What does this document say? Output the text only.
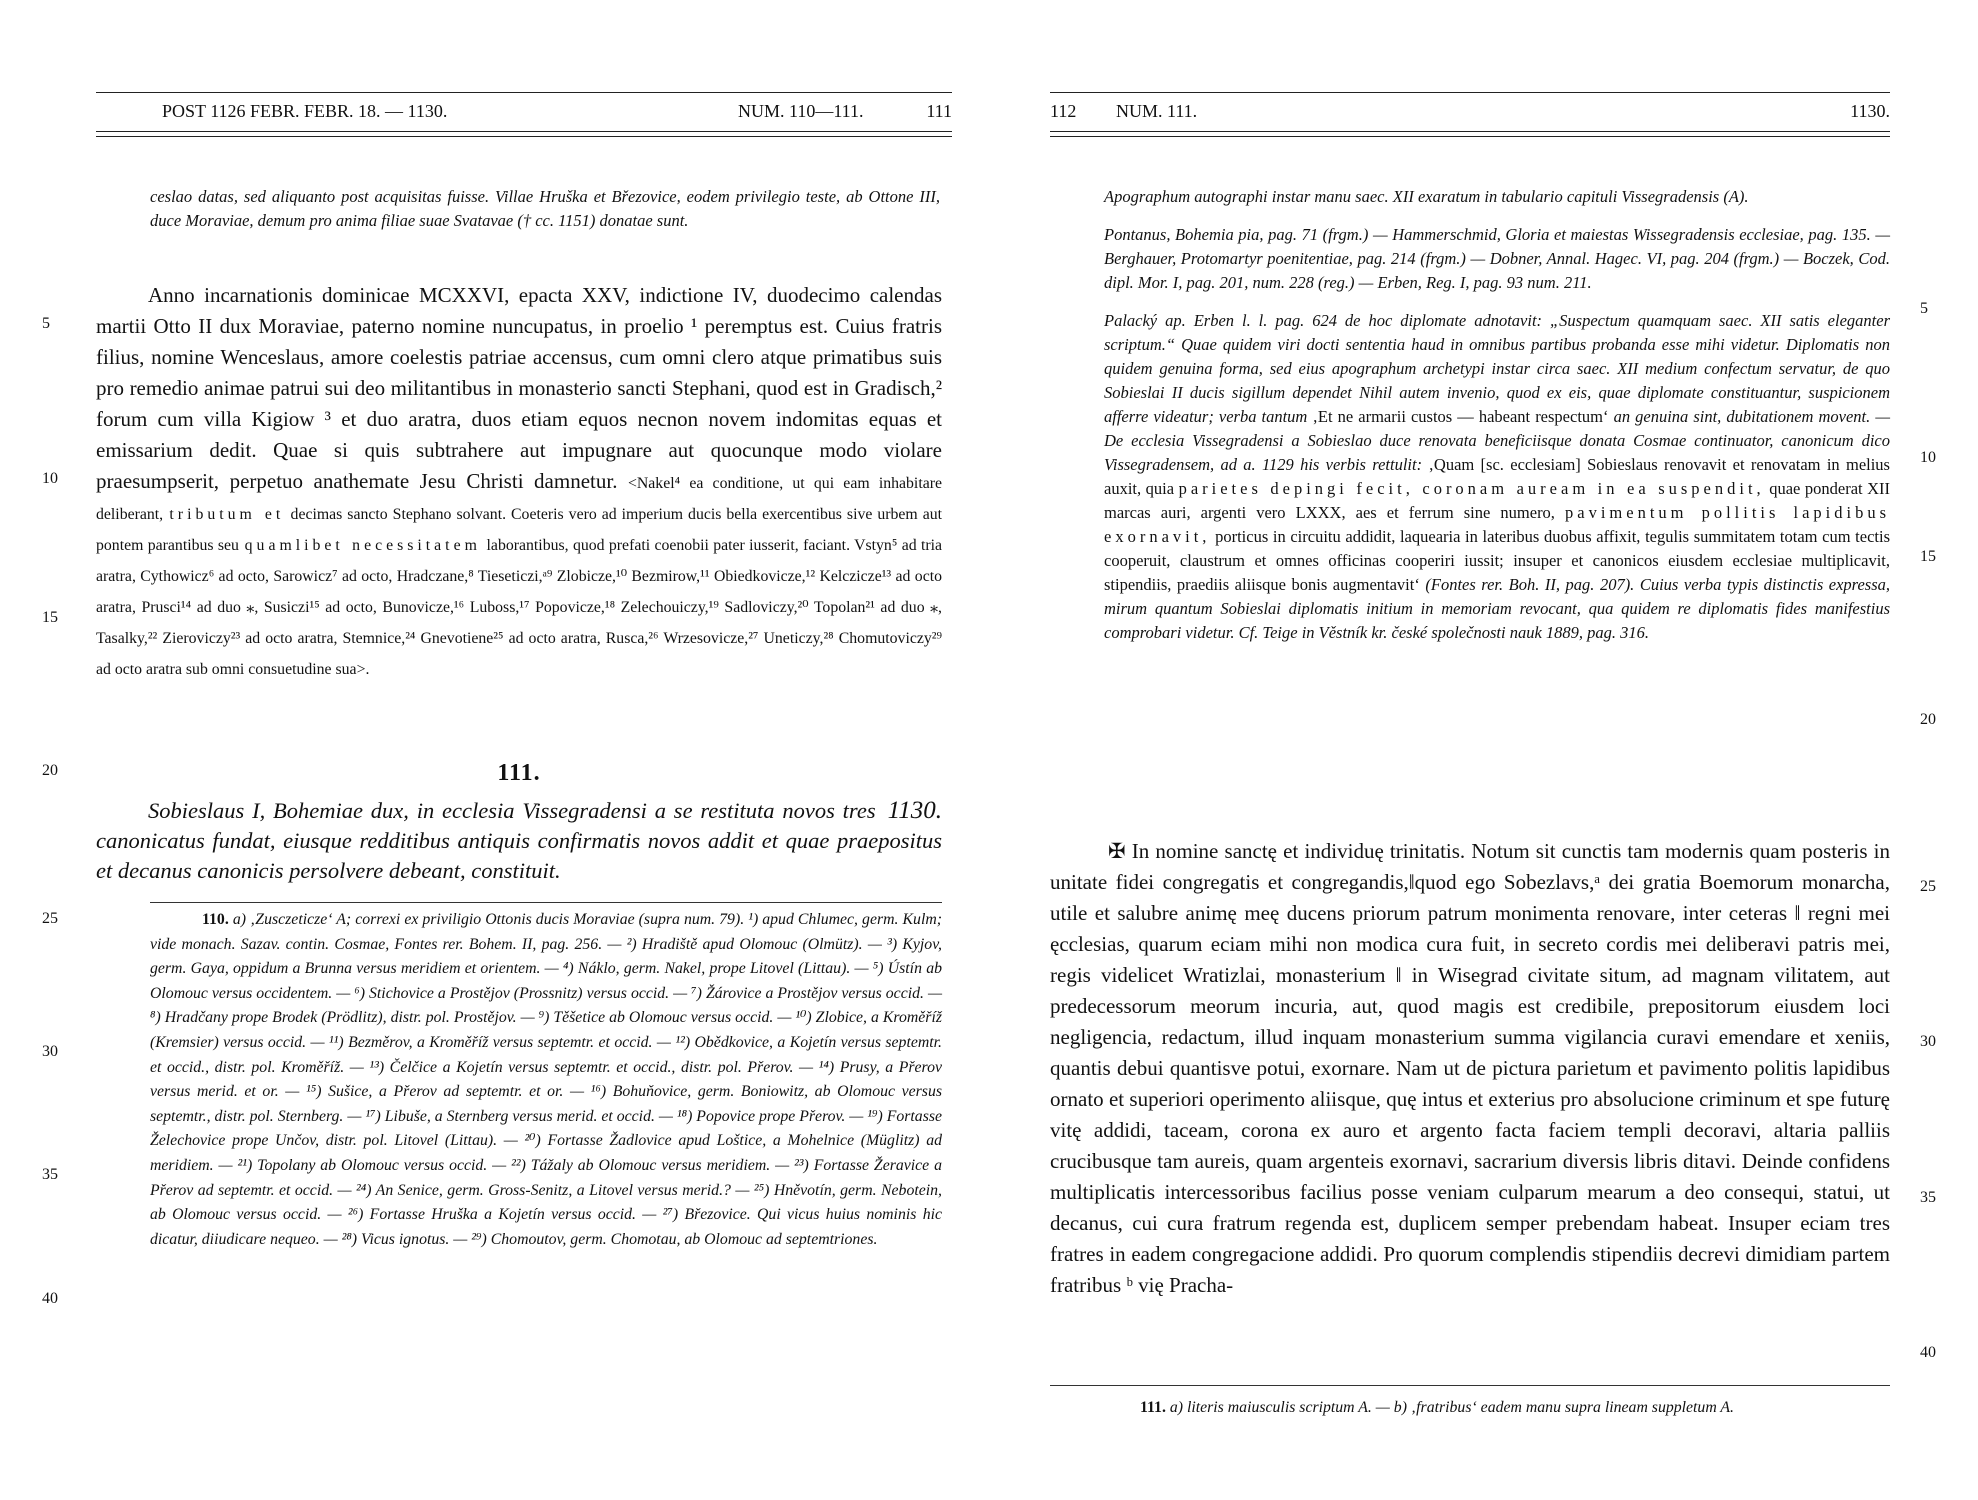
POST 1126 FEBR. FEBR. 18. — 1130.	NUM. 110—111.	111

ceslao datas, sed aliquanto post acquisitas fuisse. Villae Hruška et Březovice, eodem privilegio teste, ab Ottone III, duce Moraviae, demum pro anima filiae suae Svatavae († cc. 1151) donatae sunt.

Anno incarnationis dominicae MCXXVI, epacta XXV, indictione IV, duodecimo calendas martii Otto II dux Moraviae, paterno nomine nuncupatus, in proelio ¹ peremptus est. Cuius fratris filius, nomine Wenceslaus, amore coelestis patriae accensus, cum omni clero atque primatibus suis pro remedio animae patrui sui deo militantibus in monasterio sancti Stephani, quod est in Gradisch,² forum cum villa Kigiow ³ et duo aratra, duos etiam equos necnon novem indomitas equas et emissarium dedit. Quae si quis subtrahere aut impugnare aut quocunque modo violare praesumpserit, perpetuo anathemate Jesu Christi damnetur. <Nakel⁴ ea conditione, ut qui eam inhabitare deliberant, tributum et decimas sancto Stephano solvant. Coeteris vero ad imperium ducis bella exercentibus sive urbem aut pontem parantibus seu quamlibet necessitatem laborantibus, quod prefati coenobii pater iusserit, faciant. Vstyn⁵ ad tria aratra, Cythowicz⁶ ad octo, Sarowicz⁷ ad octo, Hradczane,⁸ Tieseticzi,ᵃ⁹ Zlobicze,¹⁰ Bezmirow,¹¹ Obiedkovicze,¹² Kelczicze¹³ ad octo aratra, Prusci¹⁴ ad duo ⁎, Susiczi¹⁵ ad octo, Bunovicze,¹⁶ Luboss,¹⁷ Popovicze,¹⁸ Zelechouiczy,¹⁹ Sadloviczy,²⁰ Topolan²¹ ad duo ⁎, Tasalky,²² Zieroviczy²³ ad octo aratra, Stemnice,²⁴ Gnevotiene²⁵ ad octo aratra, Rusca,²⁶ Wrzesovicze,²⁷ Uneticzy,²⁸ Chomutoviczy²⁹ ad octo aratra sub omni consuetudine sua>.

111.
1130.

Sobieslaus I, Bohemiae dux, in ecclesia Vissegradensi a se restituta novos tres canonicatus fundat, eiusque redditibus antiquis confirmatis novos addit et quae praepositus et decanus canonicis persolvere debeant, constituit.

110. a) ‚Zusczeticze‘ A; correxi ex priviligio Ottonis ducis Moraviae (supra num. 79). ¹) apud Chlumec, germ. Kulm; vide monach. Sazav. contin. Cosmae, Fontes rer. Bohem. II, pag. 256. — ²) Hradiště apud Olomouc (Olmütz). — ³) Kyjov, germ. Gaya, oppidum a Brunna versus meridiem et orientem. — ⁴) Náklo, germ. Nakel, prope Litovel (Littau). — ⁵) Ústín ab Olomouc versus occidentem. — ⁶) Stichovice a Prostějov (Prossnitz) versus occid. — ⁷) Žárovice a Prostějov versus occid. — ⁸) Hradčany prope Brodek (Prödlitz), distr. pol. Prostějov. — ⁹) Těšetice ab Olomouc versus occid. — ¹⁰) Zlobice, a Kroměříž (Kremsier) versus occid. — ¹¹) Bezměrov, a Kroměříž versus septemtr. et occid. — ¹²) Obědkovice, a Kojetín versus septemtr. et occid., distr. pol. Kroměříž. — ¹³) Čelčice a Kojetín versus septemtr. et occid., distr. pol. Přerov. — ¹⁴) Prusy, a Přerov versus merid. et or. — ¹⁵) Sušice, a Přerov ad septemtr. et or. — ¹⁶) Bohuňovice, germ. Boniowitz, ab Olomouc versus septemtr., distr. pol. Sternberg. — ¹⁷) Libuše, a Sternberg versus merid. et occid. — ¹⁸) Popovice prope Přerov. — ¹⁹) Fortasse Želechovice prope Unčov, distr. pol. Litovel (Littau). — ²⁰) Fortasse Žadlovice apud Loštice, a Mohelnice (Müglitz) ad meridiem. — ²¹) Topolany ab Olomouc versus occid. — ²²) Tážaly ab Olomouc versus meridiem. — ²³) Fortasse Žeravice a Přerov ad septemtr. et occid. — ²⁴) An Senice, germ. Gross-Senitz, a Litovel versus merid.? — ²⁵) Hněvotín, germ. Nebotein, ab Olomouc versus occid. — ²⁶) Fortasse Hruška a Kojetín versus occid. — ²⁷) Březovice. Qui vicus huius nominis hic dicatur, diiudicare nequeo. — ²⁸) Vicus ignotus. — ²⁹) Chomoutov, germ. Chomotau, ab Olomouc ad septemtriones.

5
10
15
20
25
30
35
40
112 NUM. 111.	1130.

Apographum autographi instar manu saec. XII exaratum in tabulario capituli Vissegradensis (A).

Pontanus, Bohemia pia, pag. 71 (frgm.) — Hammerschmid, Gloria et maiestas Wissegradensis ecclesiae, pag. 135. — Berghauer, Protomartyr poenitentiae, pag. 214 (frgm.) — Dobner, Annal. Hagec. VI, pag. 204 (frgm.) — Boczek, Cod. dipl. Mor. I, pag. 201, num. 228 (reg.) — Erben, Reg. I, pag. 93 num. 211.

Palacký ap. Erben l. l. pag. 624 de hoc diplomate adnotavit: „Suspectum quamquam saec. XII satis eleganter scriptum.“ Quae quidem viri docti sententia haud in omnibus partibus probanda esse mihi videtur. Diplomatis non quidem genuina forma, sed eius apographum archetypi instar circa saec. XII medium confectum servatur, de quo Sobieslai II ducis sigillum dependet Nihil autem invenio, quod ex eis, quae diplomate constituantur, suspicionem afferre videatur; verba tantum ‚Et ne armarii custos — habeant respectum‘ an genuina sint, dubitationem movent. — De ecclesia Vissegradensi a Sobieslao duce renovata beneficiisque donata Cosmae continuator, canonicum dico Vissegradensem, ad a. 1129 his verbis rettulit: ‚Quam [sc. ecclesiam] Sobieslaus renovavit et renovatam in melius auxit, quia parietes depingi fecit, coronam auream in ea suspendit, quae ponderat XII marcas auri, argenti vero LXXX, aes et ferrum sine numero, pavimentum pollitis lapidibus exornavit, porticus in circuitu addidit, laquearia in lateribus duobus affixit, tegulis summitatem totam cum tectis cooperuit, claustrum et omnes officinas cooperiri iussit; insuper et canonicos eiusdem ecclesiae multiplicavit, stipendiis, praediis aliisque bonis augmentavit‘ (Fontes rer. Boh. II, pag. 207). Cuius verba typis distinctis expressa, mirum quantum Sobieslai diplomatis initium in memoriam revocant, qua quidem re diplomatis fides manifestius comprobari videtur. Cf. Teige in Věstník kr. české společnosti nauk 1889, pag. 316.

✠ In nomine sanctę et individuę trinitatis. Notum sit cunctis tam modernis quam posteris in unitate fidei congregatis et congregandis,‖quod ego Sobezlavs,ᵃ dei gratia Boemorum monarcha, utile et salubre animę meę ducens priorum patrum monimenta renovare, inter ceteras ‖ regni mei ęcclesias, quarum eciam mihi non modica cura fuit, in secreto cordis mei deliberavi patris mei, regis videlicet Wratizlai, monasterium ‖ in Wisegrad civitate situm, ad magnam vilitatem, aut predecessorum meorum incuria, aut, quod magis est credibile, prepositorum eiusdem loci negligencia, redactum, illud inquam monasterium summa vigilancia curavi emendare et xeniis, quantis debui quantisve potui, exornare. Nam ut de pictura parietum et pavimento politis lapidibus ornato et superiori operimento aliisque, quę intus et exterius pro absolucione criminum et spe futurę vitę addidi, taceam, corona ex auro et argento facta faciem templi decoravi, altaria palliis crucibusque tam aureis, quam argenteis exornavi, sacrarium diversis libris ditavi. Deinde confidens multiplicatis intercessoribus facilius posse veniam culparum mearum a deo consequi, statui, ut decanus, cui cura fratrum regenda est, duplicem semper prebendam habeat. Insuper eciam tres fratres in eadem congregacione addidi. Pro quorum complendis stipendiis decrevi dimidiam partem fratribus ᵇ vię Pracha-

111. a) literis maiusculis scriptum A. — b) ‚fratribus‘ eadem manu supra lineam suppletum A.

5
10
15
20
25
30
35
40
